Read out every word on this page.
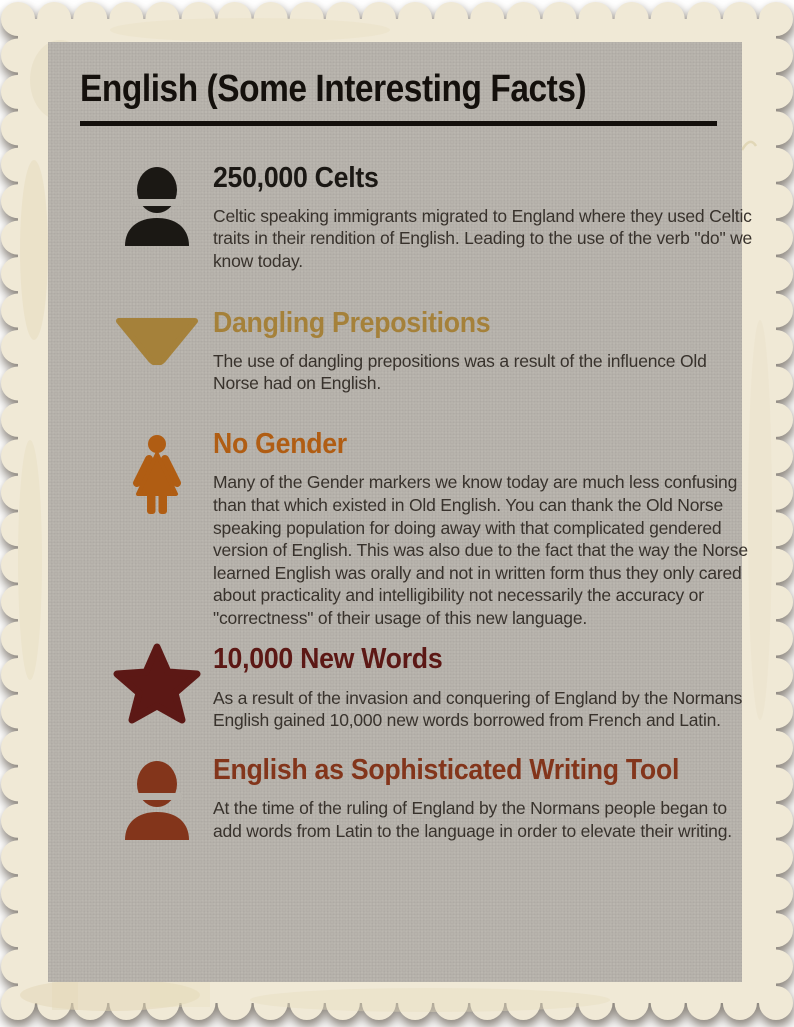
English (Some Interesting Facts)
250,000 Celts

Celtic speaking immigrants migrated to England where they used Celtic traits in their rendition of English. Leading to the use of the verb "do" we know today.

Dangling Prepositions

The use of dangling prepositions was a result of the influence Old Norse had on English.

No Gender

Many of the Gender markers we know today are much less confusing than that which existed in Old English. You can thank the Old Norse speaking population for doing away with that complicated gendered version of English. This was also due to the fact that the way the Norse learned English was orally and not in written form thus they only cared about practicality and intelligibility not necessarily the accuracy or "correctness" of their usage of this new language.

10,000 New Words

As a result of the invasion and conquering of England by the Normans English gained 10,000 new words borrowed from French and Latin.

English as Sophisticated Writing Tool

At the time of the ruling of England by the Normans people began to add words from Latin to the language in order to elevate their writing.
